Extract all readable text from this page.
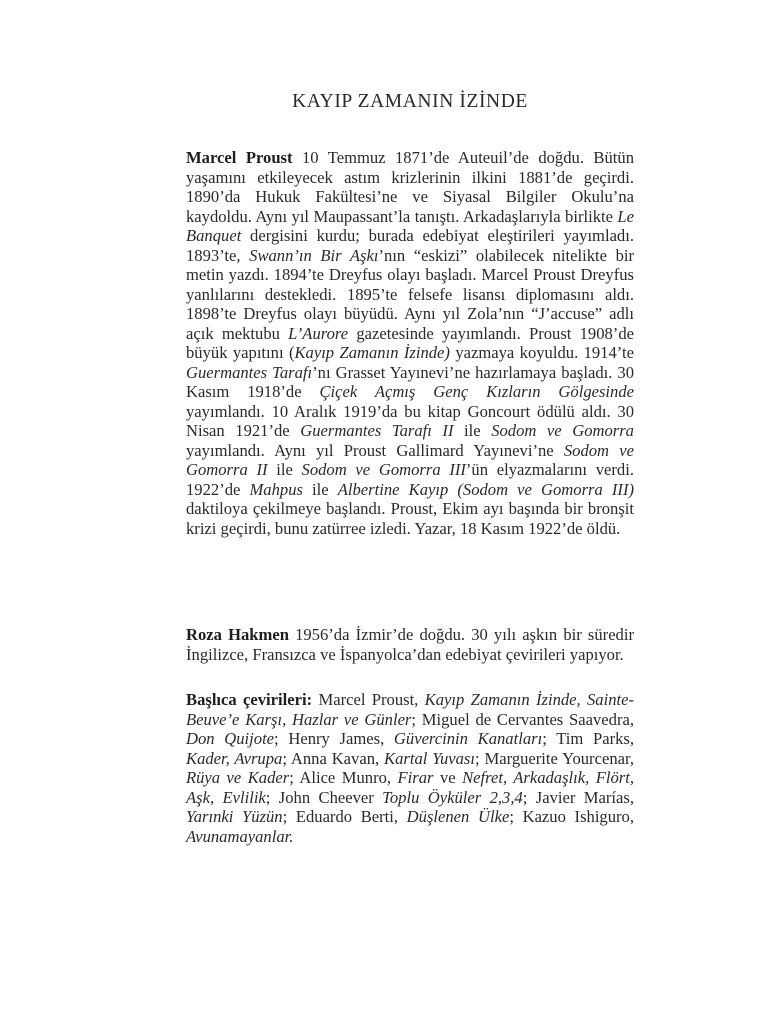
KAYIP ZAMANIN İZİNDE

Marcel Proust 10 Temmuz 1871’de Auteuil’de doğdu. Bütün yaşamını etkileyecek astım krizlerinin ilkini 1881’de geçirdi. 1890’da Hukuk Fakültesi’ne ve Siyasal Bilgiler Okulu’na kaydoldu. Aynı yıl Maupassant’la tanıştı. Arkadaşlarıyla birlikte Le Banquet dergisini kurdu; burada edebiyat eleştirileri yayımladı. 1893’te, Swann’ın Bir Aşkı’nın “eskizi” olabilecek nitelikte bir metin yazdı. 1894’te Dreyfus olayı başladı. Marcel Proust Dreyfus yanlılarını destekledi. 1895’te felsefe lisansı diplomasını aldı. 1898’te Dreyfus olayı büyüdü. Aynı yıl Zola’nın “J’accuse” adlı açık mektubu L’Aurore gazetesinde yayımlandı. Proust 1908’de büyük yapıtını (Kayıp Zamanın İzinde) yazmaya koyuldu. 1914’te Guermantes Tarafı’nı Grasset Yayınevi’ne hazırlamaya başladı. 30 Kasım 1918’de Çiçek Açmış Genç Kızların Gölgesinde yayımlandı. 10 Aralık 1919’da bu kitap Goncourt ödülü aldı. 30 Nisan 1921’de Guermantes Tarafı II ile Sodom ve Gomorra yayımlandı. Aynı yıl Proust Gallimard Yayınevi’ne Sodom ve Gomorra II ile Sodom ve Gomorra III’ün elyazmalarını verdi. 1922’de Mahpus ile Albertine Kayıp (Sodom ve Gomorra III) daktiloya çekilmeye başlandı. Proust, Ekim ayı başında bir bronşit krizi geçirdi, bunu zatürree izledi. Yazar, 18 Kasım 1922’de öldü.

Roza Hakmen 1956’da İzmir’de doğdu. 30 yılı aşkın bir süredir İngilizce, Fransızca ve İspanyolca’dan edebiyat çevirileri yapıyor.

Başlıca çevirileri: Marcel Proust, Kayıp Zamanın İzinde, Sainte-Beuve’e Karşı, Hazlar ve Günler; Miguel de Cervantes Saavedra, Don Quijote; Henry James, Güvercinin Kanatları; Tim Parks, Kader, Avrupa; Anna Kavan, Kartal Yuvası; Marguerite Yourcenar, Rüya ve Kader; Alice Munro, Firar ve Nefret, Arkadaşlık, Flört, Aşk, Evlilik; John Cheever Toplu Öyküler 2,3,4; Javier Marías, Yarınki Yüzün; Eduardo Berti, Düşlenen Ülke; Kazuo Ishiguro, Avunamayanlar.
